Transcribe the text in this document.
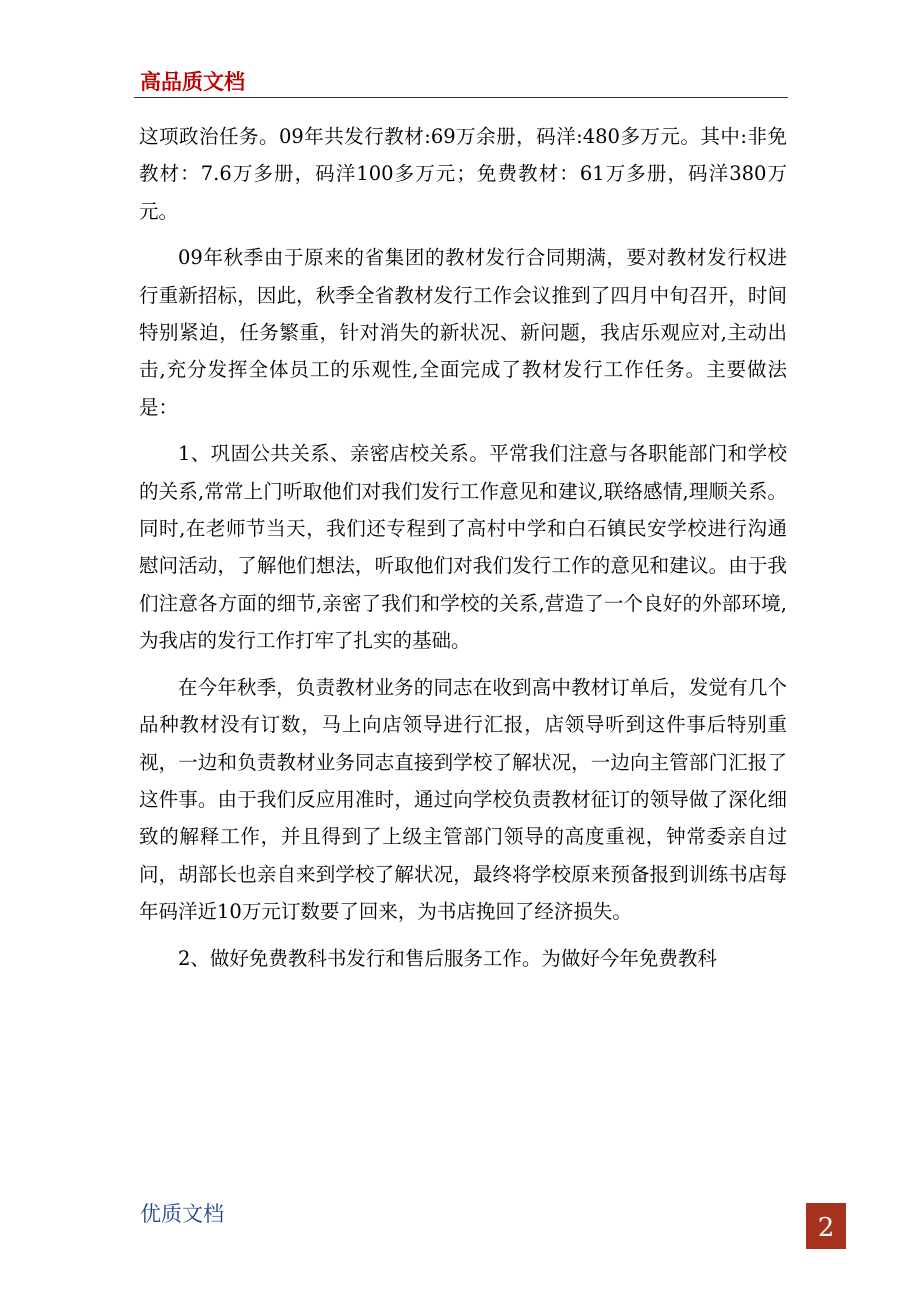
高品质文档

这项政治任务。09年共发行教材:69万余册，码洋:480多万元。其中:非免教材：7.6万多册，码洋100多万元；免费教材：61万多册，码洋380万元。

09年秋季由于原来的省集团的教材发行合同期满，要对教材发行权进行重新招标，因此，秋季全省教材发行工作会议推到了四月中旬召开，时间特别紧迫，任务繁重，针对消失的新状况、新问题，我店乐观应对,主动出击,充分发挥全体员工的乐观性,全面完成了教材发行工作任务。主要做法是：

1、巩固公共关系、亲密店校关系。平常我们注意与各职能部门和学校的关系,常常上门听取他们对我们发行工作意见和建议,联络感情,理顺关系。同时,在老师节当天，我们还专程到了高村中学和白石镇民安学校进行沟通慰问活动，了解他们想法，听取他们对我们发行工作的意见和建议。由于我们注意各方面的细节,亲密了我们和学校的关系,营造了一个良好的外部环境,为我店的发行工作打牢了扎实的基础。

在今年秋季，负责教材业务的同志在收到高中教材订单后，发觉有几个品种教材没有订数，马上向店领导进行汇报，店领导听到这件事后特别重视，一边和负责教材业务同志直接到学校了解状况，一边向主管部门汇报了这件事。由于我们反应用准时，通过向学校负责教材征订的领导做了深化细致的解释工作，并且得到了上级主管部门领导的高度重视，钟常委亲自过问，胡部长也亲自来到学校了解状况，最终将学校原来预备报到训练书店每年码洋近10万元订数要了回来，为书店挽回了经济损失。

2、做好免费教科书发行和售后服务工作。为做好今年免费教科

优质文档	2
